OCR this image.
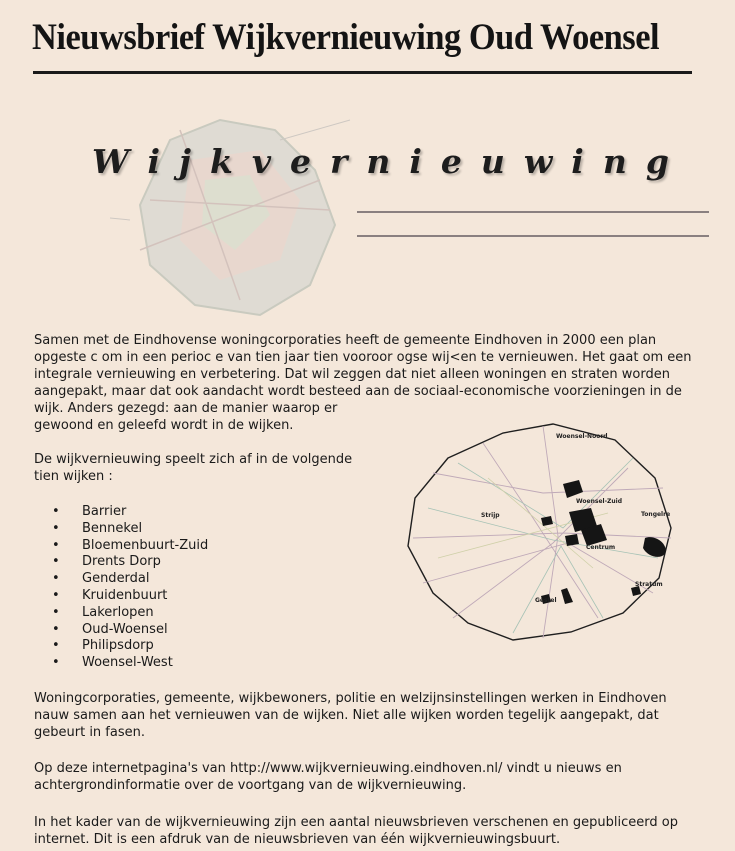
Nieuwsbrief Wijkvernieuwing Oud Woensel
Wijkvernieuwing
Samen met de Eindhovense woningcorporaties heeft de gemeente Eindhoven in 2000 een plan
opgeste c om in een perioc e van tien jaar tien vooroor ogse wij<en te vernieuwen. Het gaat om een
integrale vernieuwing en verbetering. Dat wil zeggen dat niet alleen woningen en straten worden
aangepakt, maar dat ook aandacht wordt besteed aan de sociaal-economische voorzieningen in de
wijk. Anders gezegd: aan de manier waarop er
gewoond en geleefd wordt in de wijken.
De wijkvernieuwing speelt zich af in de volgende
tien wijken :
• Barrier
• Bennekel
• Bloemenbuurt-Zuid
• Drents Dorp
• Genderdal
• Kruidenbuurt
• Lakerlopen
• Oud-Woensel
• Philipsdorp
• Woensel-West
Woensel-Noord
Woensel-Zuid
Strijp	Tongelre
Centrum
Stratum
Gestel
Woningcorporaties, gemeente, wijkbewoners, politie en welzijnsinstellingen werken in Eindhoven
nauw samen aan het vernieuwen van de wijken. Niet alle wijken worden tegelijk aangepakt, dat
gebeurt in fasen.
Op deze internetpagina's van http://www.wijkvernieuwing.eindhoven.nl/ vindt u nieuws en
achtergrondinformatie over de voortgang van de wijkvernieuwing.
In het kader van de wijkvernieuwing zijn een aantal nieuwsbrieven verschenen en gepubliceerd op
internet. Dit is een afdruk van de nieuwsbrieven van één wijkvernieuwingsbuurt.
